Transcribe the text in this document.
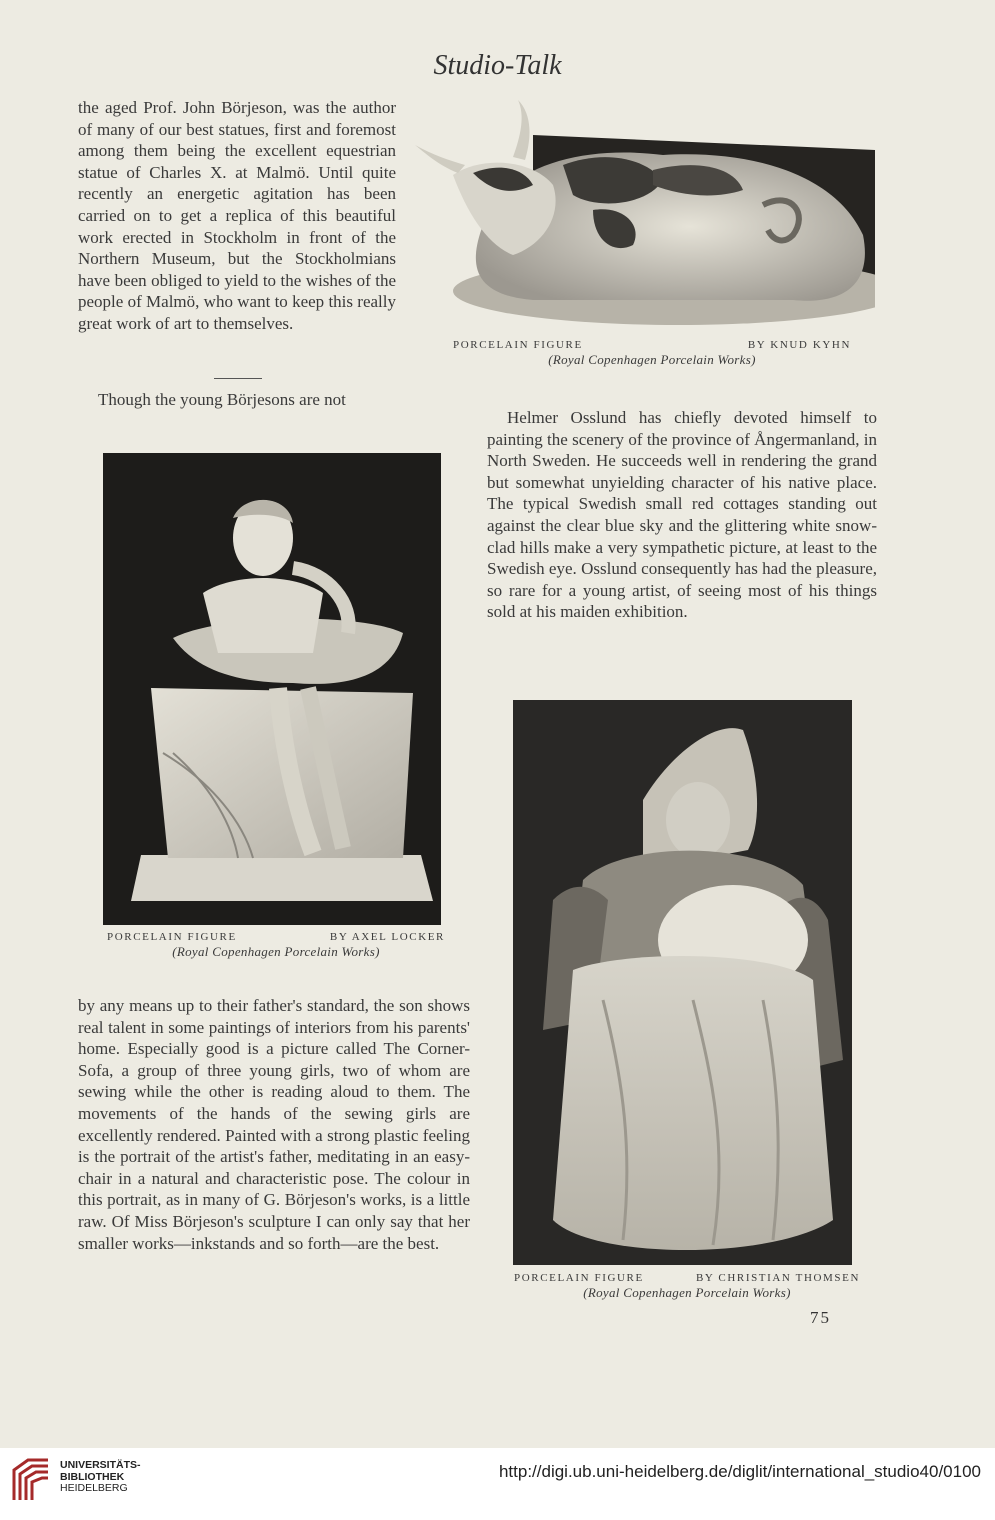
Studio-Talk

the aged Prof. John Börjeson, was the author of many of our best statues, first and foremost among them being the excellent equestrian statue of Charles X. at Malmö. Until quite recently an energetic agitation has been carried on to get a replica of this beautiful work erected in Stockholm in front of the Northern Museum, but the Stockholmians have been obliged to yield to the wishes of the people of Malmö, who want to keep this really great work of art to themselves.

Though the young Börjesons are not

PORCELAIN FIGURE	BY KNUD KYHN
(Royal Copenhagen Porcelain Works)

Helmer Osslund has chiefly devoted himself to painting the scenery of the province of Ångermanland, in North Sweden. He succeeds well in rendering the grand but somewhat unyielding character of his native place. The typical Swedish small red cottages standing out against the clear blue sky and the glittering white snow-clad hills make a very sympathetic picture, at least to the Swedish eye. Osslund consequently has had the pleasure, so rare for a young artist, of seeing most of his things sold at his maiden exhibition.

PORCELAIN FIGURE	BY AXEL LOCKER
(Royal Copenhagen Porcelain Works)

by any means up to their father's standard, the son shows real talent in some paintings of interiors from his parents' home. Especially good is a picture called The Corner-Sofa, a group of three young girls, two of whom are sewing while the other is reading aloud to them. The movements of the hands of the sewing girls are excellently rendered. Painted with a strong plastic feeling is the portrait of the artist's father, meditating in an easy-chair in a natural and characteristic pose. The colour in this portrait, as in many of G. Börjeson's works, is a little raw. Of Miss Börjeson's sculpture I can only say that her smaller works—inkstands and so forth—are the best.

PORCELAIN FIGURE	BY CHRISTIAN THOMSEN
(Royal Copenhagen Porcelain Works)
75
UNIVERSITÄTS-
BIBLIOTHEK
HEIDELBERG
http://digi.ub.uni-heidelberg.de/diglit/international_studio40/0100
